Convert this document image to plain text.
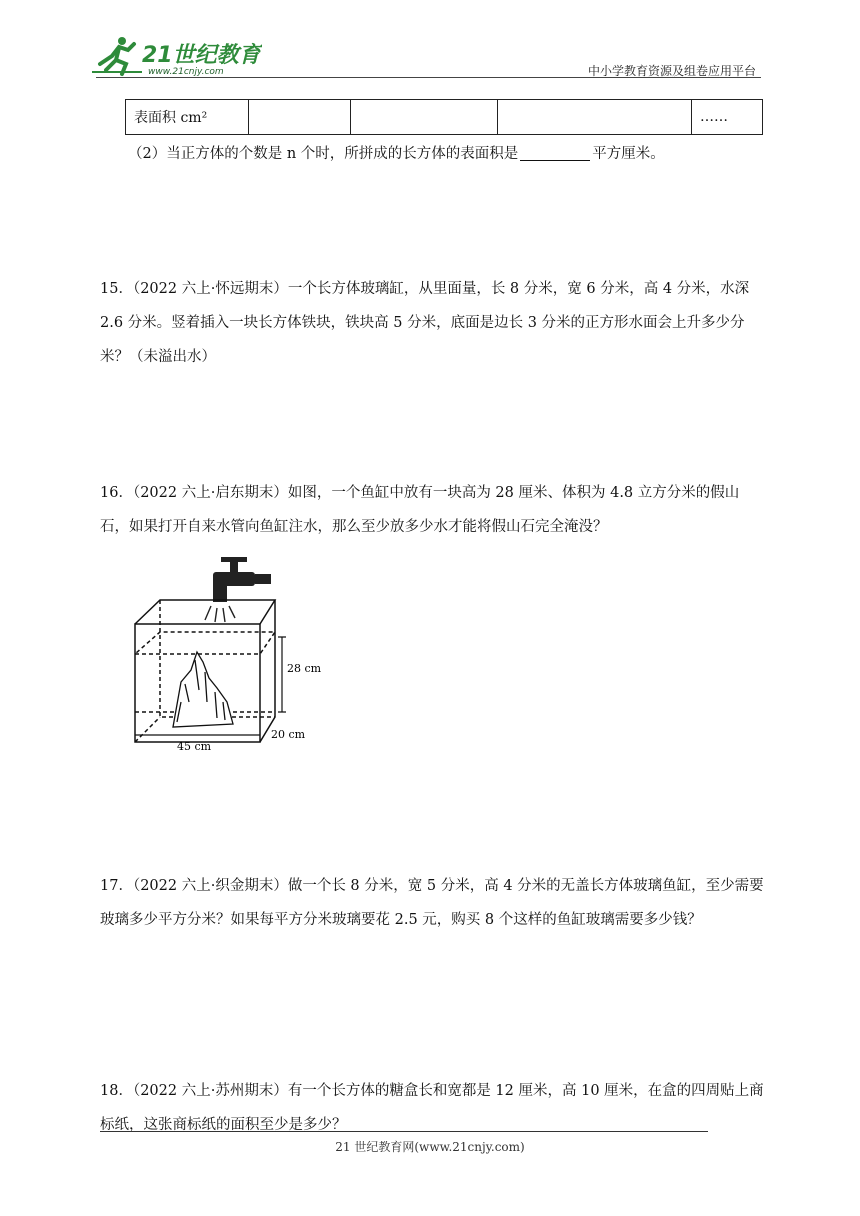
21世纪教育
www.21cnjy.com	中小学教育资源及组卷应用平台
表面积 cm²				……
（2）当正方体的个数是 n 个时，所拼成的长方体的表面积是	平方厘米。
15．（2022 六上·怀远期末）一个长方体玻璃缸，从里面量，长 8 分米，宽 6 分米，高 4 分米，水深 2.6 分米。竖着插入一块长方体铁块，铁块高 5 分米，底面是边长 3 分米的正方形水面会上升多少分米？（未溢出水）
16．（2022 六上·启东期末）如图，一个鱼缸中放有一块高为 28 厘米、体积为 4.8 立方分米的假山石，如果打开自来水管向鱼缸注水，那么至少放多少水才能将假山石完全淹没？
28 cm
45 cm
20 cm
17．（2022 六上·织金期末）做一个长 8 分米，宽 5 分米，高 4 分米的无盖长方体玻璃鱼缸，至少需要玻璃多少平方分米？如果每平方分米玻璃要花 2.5 元，购买 8 个这样的鱼缸玻璃需要多少钱？
18．（2022 六上·苏州期末）有一个长方体的糖盒长和宽都是 12 厘米，高 10 厘米，在盒的四周贴上商标纸，这张商标纸的面积至少是多少？
21 世纪教育网(www.21cnjy.com)
